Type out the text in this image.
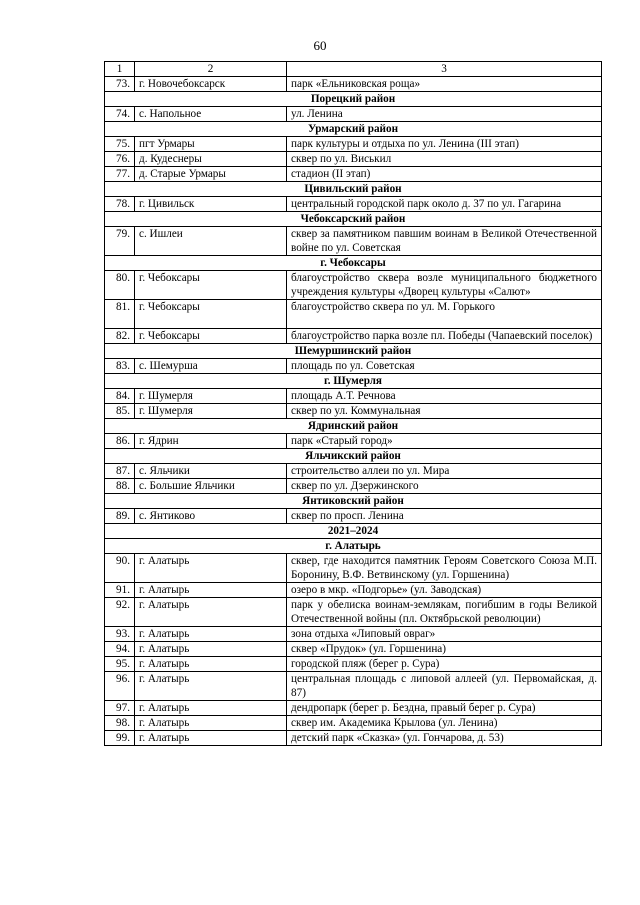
60
1	2	3
73.	г. Новочебоксарск	парк «Ельниковская роща»
Порецкий район		
74.	с. Напольное	ул. Ленина
Урмарский район		
75.	пгт Урмары	парк культуры и отдыха по ул. Ленина (III этап)
76.	д. Кудеснеры	сквер по ул. Виськил
77.	д. Старые Урмары	стадион (II этап)
Цивильский район		
78.	г. Цивильск	центральный городской парк около д. 37 по ул. Гагарина
Чебоксарский район		
79.	с. Ишлеи	сквер за памятником павшим воинам в Великой Отечественной войне по ул. Советская
г. Чебоксары		
80.	г. Чебоксары	благоустройство сквера возле муниципального бюджетного учреждения культуры «Дворец культуры «Салют»
81.	г. Чебоксары	благоустройство сквера по ул. М. Горького
82.	г. Чебоксары	благоустройство парка возле пл. Победы (Чапаевский поселок)
Шемуршинский район		
83.	с. Шемурша	площадь по ул. Советская
г. Шумерля		
84.	г. Шумерля	площадь А.Т. Речнова
85.	г. Шумерля	сквер по ул. Коммунальная
Ядринский район		
86.	г. Ядрин	парк «Старый город»
Яльчикский район		
87.	с. Яльчики	строительство аллеи по ул. Мира
88.	с. Большие Яльчики	сквер по ул. Дзержинского
Янтиковский район		
89.	с. Янтиково	сквер по просп. Ленина
2021–2024		
г. Алатырь		
90.	г. Алатырь	сквер, где находится памятник Героям Советского Союза М.П. Боронину, В.Ф. Ветвинскому (ул. Горшенина)
91.	г. Алатырь	озеро в мкр. «Подгорье» (ул. Заводская)
92.	г. Алатырь	парк у обелиска воинам-землякам, погибшим в годы Великой Отечественной войны (пл. Октябрьской революции)
93.	г. Алатырь	зона отдыха «Липовый овраг»
94.	г. Алатырь	сквер «Прудок» (ул. Горшенина)
95.	г. Алатырь	городской пляж (берег р. Сура)
96.	г. Алатырь	центральная площадь с липовой аллеей (ул. Первомайская, д. 87)
97.	г. Алатырь	дендропарк (берег р. Бездна, правый берег р. Сура)
98.	г. Алатырь	сквер им. Академика Крылова (ул. Ленина)
99.	г. Алатырь	детский парк «Сказка» (ул. Гончарова, д. 53)
